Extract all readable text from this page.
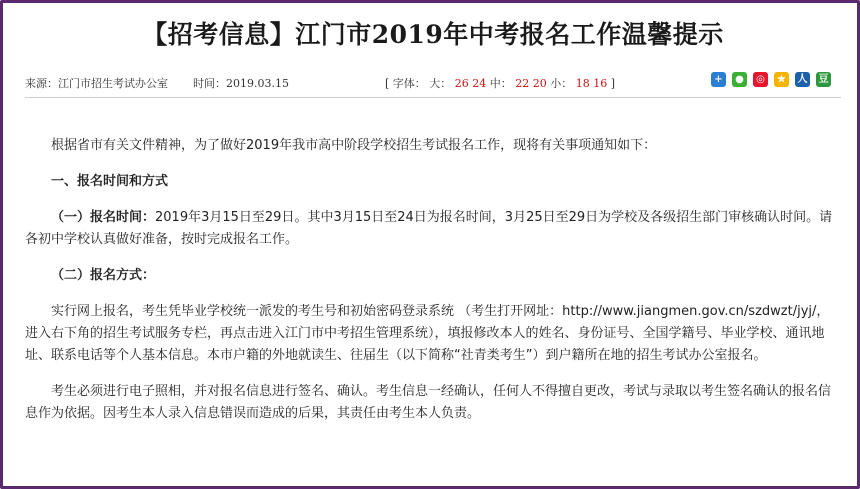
【招考信息】江门市2019年中考报名工作温馨提示
来源：江门市招生考试办公室 时间：2019.03.15	[ 字体： 大： 26 24 中： 22 20 小： 18 16 ]	+	●	◎	★	人 豆

根据省市有关文件精神，为了做好2019年我市高中阶段学校招生考试报名工作，现将有关事项通知如下：

一、报名时间和方式

（一）报名时间：2019年3月15日至29日。其中3月15日至24日为报名时间，3月25日至29日为学校及各级招生部门审核确认时间。请各初中学校认真做好准备，按时完成报名工作。

（二）报名方式：

实行网上报名，考生凭毕业学校统一派发的考生号和初始密码登录系统 （考生打开网址：http://www.jiangmen.gov.cn/szdwzt/jyj/，进入右下角的招生考试服务专栏，再点击进入江门市中考招生管理系统），填报修改本人的姓名、身份证号、全国学籍号、毕业学校、通讯地址、联系电话等个人基本信息。本市户籍的外地就读生、往届生（以下简称“社青类考生”）到户籍所在地的招生考试办公室报名。

考生必须进行电子照相，并对报名信息进行签名、确认。考生信息一经确认，任何人不得擅自更改，考试与录取以考生签名确认的报名信息作为依据。因考生本人录入信息错误而造成的后果，其责任由考生本人负责。
